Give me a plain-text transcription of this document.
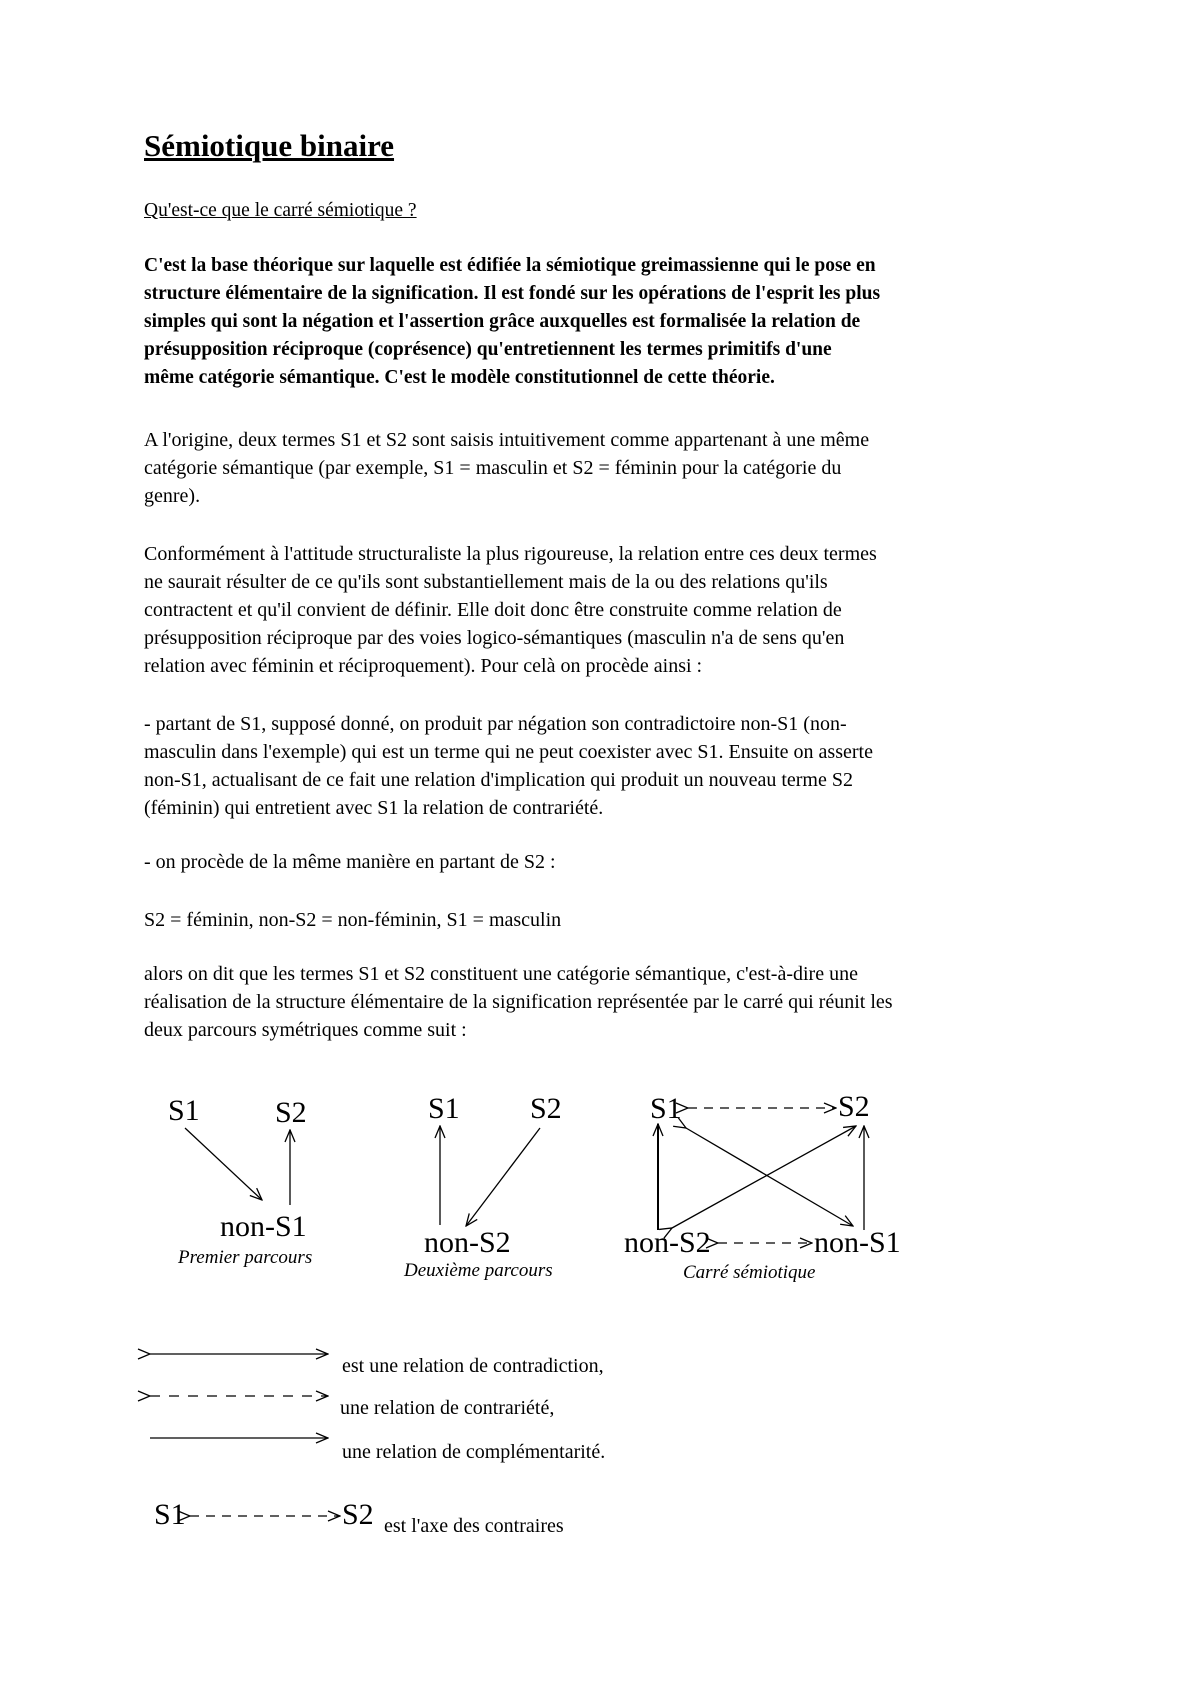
Sémiotique binaire

Qu'est-ce que le carré sémiotique ?

C'est la base théorique sur laquelle est édifiée la sémiotique greimassienne qui le pose en
structure élémentaire de la signification. Il est fondé sur les opérations de l'esprit les plus
simples qui sont la négation et l'assertion grâce auxquelles est formalisée la relation de
présupposition réciproque (coprésence) qu'entretiennent les termes primitifs d'une
même catégorie sémantique. C'est le modèle constitutionnel de cette théorie.

A l'origine, deux termes S1 et S2 sont saisis intuitivement comme appartenant à une même
catégorie sémantique (par exemple, S1 = masculin et S2 = féminin pour la catégorie du
genre).

Conformément à l'attitude structuraliste la plus rigoureuse, la relation entre ces deux termes
ne saurait résulter de ce qu'ils sont substantiellement mais de la ou des relations qu'ils
contractent et qu'il convient de définir. Elle doit donc être construite comme relation de
présupposition réciproque par des voies logico-sémantiques (masculin n'a de sens qu'en
relation avec féminin et réciproquement). Pour celà on procède ainsi :

- partant de S1, supposé donné, on produit par négation son contradictoire non-S1 (non-
masculin dans l'exemple) qui est un terme qui ne peut coexister avec S1. Ensuite on asserte
non-S1, actualisant de ce fait une relation d'implication qui produit un nouveau terme S2
(féminin) qui entretient avec S1 la relation de contrariété.

- on procède de la même manière en partant de S2 :

S2 = féminin, non-S2 = non-féminin, S1 = masculin

alors on dit que les termes S1 et S2 constituent une catégorie sémantique, c'est-à-dire une
réalisation de la structure élémentaire de la signification représentée par le carré qui réunit les
deux parcours symétriques comme suit :

S1	S2
non-S1
Premier parcours
S1 S2
non-S2
Deuxième parcours
S1	S2
non-S2	non-S1
Carré sémiotique
est une relation de contradiction,
une relation de contrariété,
une relation de complémentarité.
S1	S2 est l'axe des contraires
